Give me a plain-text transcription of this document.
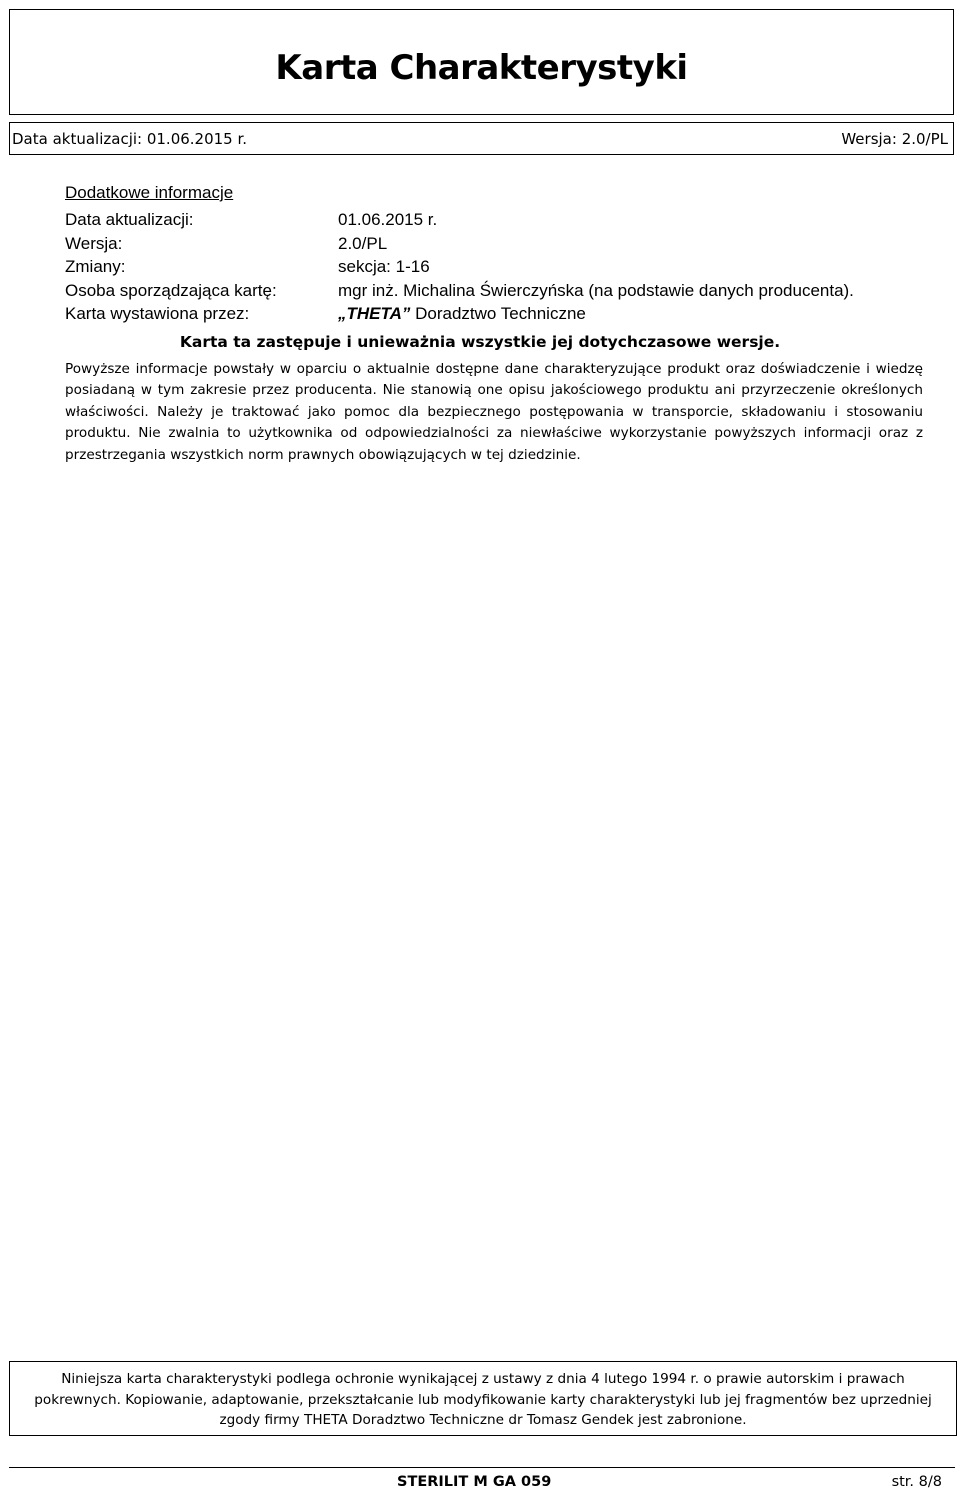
Karta Charakterystyki
Data aktualizacji: 01.06.2015 r.	Wersja: 2.0/PL
Dodatkowe informacje
Data aktualizacji:	01.06.2015 r.
Wersja:	2.0/PL
Zmiany:	sekcja: 1-16
Osoba sporządzająca kartę:	mgr inż. Michalina Świerczyńska (na podstawie danych producenta).
Karta wystawiona przez:	„THETA” Doradztwo Techniczne
Karta ta zastępuje i unieważnia wszystkie jej dotychczasowe wersje.

Powyższe informacje powstały w oparciu o aktualnie dostępne dane charakteryzujące produkt oraz doświadczenie i wiedzę posiadaną w tym zakresie przez producenta. Nie stanowią one opisu jakościowego produktu ani przyrzeczenie określonych właściwości. Należy je traktować jako pomoc dla bezpiecznego postępowania w transporcie, składowaniu i stosowaniu produktu. Nie zwalnia to użytkownika od odpowiedzialności za niewłaściwe wykorzystanie powyższych informacji oraz z przestrzegania wszystkich norm prawnych obowiązujących w tej dziedzinie.

Niniejsza karta charakterystyki podlega ochronie wynikającej z ustawy z dnia 4 lutego 1994 r. o prawie autorskim i prawach
pokrewnych. Kopiowanie, adaptowanie, przekształcanie lub modyfikowanie karty charakterystyki lub jej fragmentów bez uprzedniej
zgody firmy THETA Doradztwo Techniczne dr Tomasz Gendek jest zabronione.
STERILIT M GA 059	str. 8/8
